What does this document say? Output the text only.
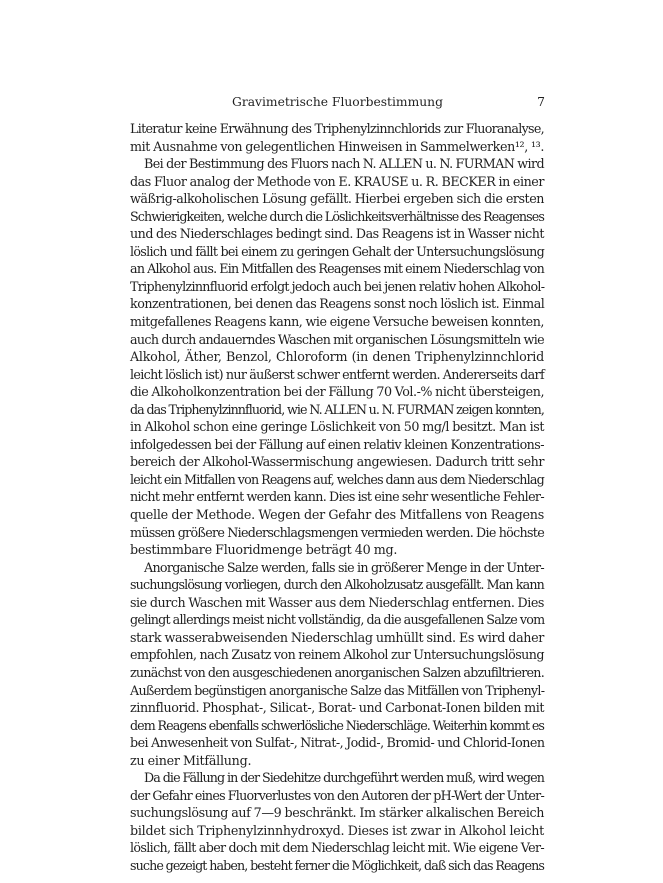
Gravimetrische Fluorbestimmung	7
Literatur keine Erwähnung des Triphenylzinnchlorids zur Fluoranalyse,
mit Ausnahme von gelegentlichen Hinweisen in Sammelwerken¹², ¹³.
Bei der Bestimmung des Fluors nach N. ALLEN u. N. FURMAN wird
das Fluor analog der Methode von E. KRAUSE u. R. BECKER in einer
wäßrig-alkoholischen Lösung gefällt. Hierbei ergeben sich die ersten
Schwierigkeiten, welche durch die Löslichkeitsverhältnisse des Reagenses
und des Niederschlages bedingt sind. Das Reagens ist in Wasser nicht
löslich und fällt bei einem zu geringen Gehalt der Untersuchungslösung
an Alkohol aus. Ein Mitfallen des Reagenses mit einem Niederschlag von
Triphenylzinnfluorid erfolgt jedoch auch bei jenen relativ hohen Alkohol-
konzentrationen, bei denen das Reagens sonst noch löslich ist. Einmal
mitgefallenes Reagens kann, wie eigene Versuche beweisen konnten,
auch durch andauerndes Waschen mit organischen Lösungsmitteln wie
Alkohol, Äther, Benzol, Chloroform (in denen Triphenylzinnchlorid
leicht löslich ist) nur äußerst schwer entfernt werden. Andererseits darf
die Alkoholkonzentration bei der Fällung 70 Vol.-% nicht übersteigen,
da das Triphenylzinnfluorid, wie N. ALLEN u. N. FURMAN zeigen konnten,
in Alkohol schon eine geringe Löslichkeit von 50 mg/l besitzt. Man ist
infolgedessen bei der Fällung auf einen relativ kleinen Konzentrations-
bereich der Alkohol-Wassermischung angewiesen. Dadurch tritt sehr
leicht ein Mitfallen von Reagens auf, welches dann aus dem Niederschlag
nicht mehr entfernt werden kann. Dies ist eine sehr wesentliche Fehler-
quelle der Methode. Wegen der Gefahr des Mitfallens von Reagens
müssen größere Niederschlagsmengen vermieden werden. Die höchste
bestimmbare Fluoridmenge beträgt 40 mg.
Anorganische Salze werden, falls sie in größerer Menge in der Unter-
suchungslösung vorliegen, durch den Alkoholzusatz ausgefällt. Man kann
sie durch Waschen mit Wasser aus dem Niederschlag entfernen. Dies
gelingt allerdings meist nicht vollständig, da die ausgefallenen Salze vom
stark wasserabweisenden Niederschlag umhüllt sind. Es wird daher
empfohlen, nach Zusatz von reinem Alkohol zur Untersuchungslösung
zunächst von den ausgeschiedenen anorganischen Salzen abzufiltrieren.
Außerdem begünstigen anorganische Salze das Mitfällen von Triphenyl-
zinnfluorid. Phosphat-, Silicat-, Borat- und Carbonat-Ionen bilden mit
dem Reagens ebenfalls schwerlösliche Niederschläge. Weiterhin kommt es
bei Anwesenheit von Sulfat-, Nitrat-, Jodid-, Bromid- und Chlorid-Ionen
zu einer Mitfällung.
Da die Fällung in der Siedehitze durchgeführt werden muß, wird wegen
der Gefahr eines Fluorverlustes von den Autoren der pH-Wert der Unter-
suchungslösung auf 7—9 beschränkt. Im stärker alkalischen Bereich
bildet sich Triphenylzinnhydroxyd. Dieses ist zwar in Alkohol leicht
löslich, fällt aber doch mit dem Niederschlag leicht mit. Wie eigene Ver-
suche gezeigt haben, besteht ferner die Möglichkeit, daß sich das Reagens
